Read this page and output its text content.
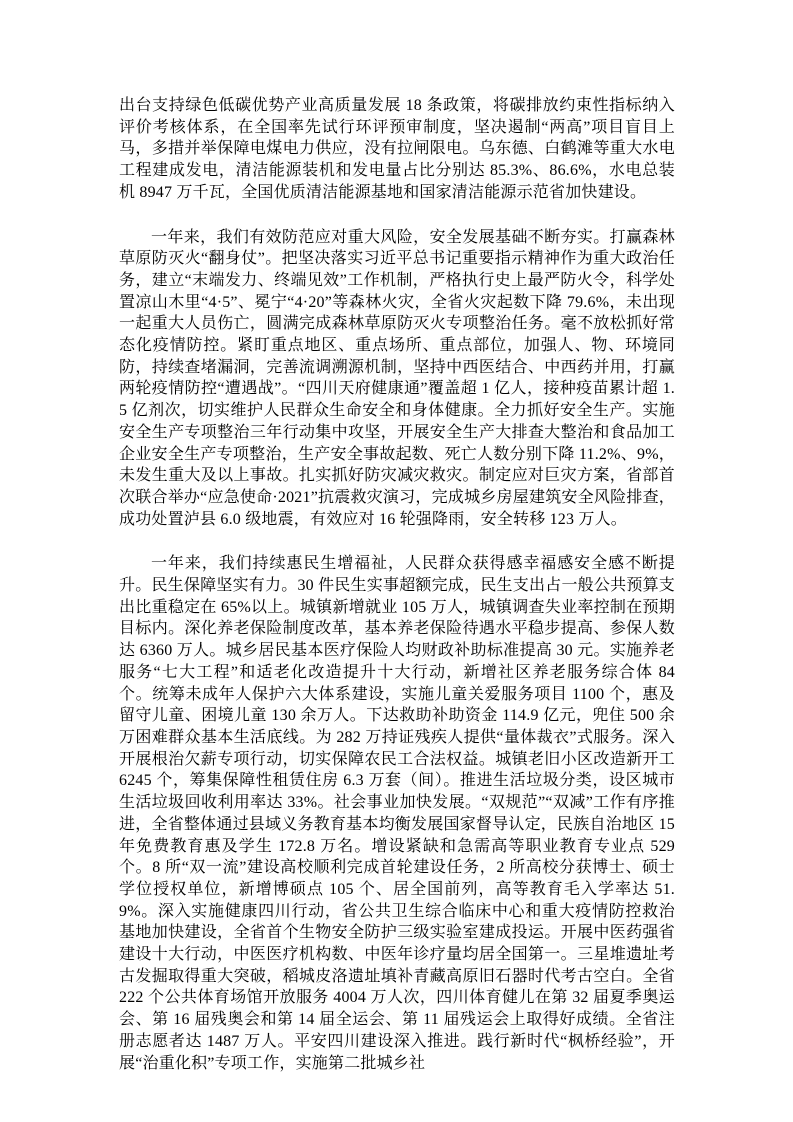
出台支持绿色低碳优势产业高质量发展 18 条政策，将碳排放约束性指标纳入评价考核体系，在全国率先试行环评预审制度，坚决遏制“两高”项目盲目上马，多措并举保障电煤电力供应，没有拉闸限电。乌东德、白鹤滩等重大水电工程建成发电，清洁能源装机和发电量占比分别达 85.3%、86.6%，水电总装机 8947 万千瓦，全国优质清洁能源基地和国家清洁能源示范省加快建设。

一年来，我们有效防范应对重大风险，安全发展基础不断夯实。打赢森林草原防灭火“翻身仗”。把坚决落实习近平总书记重要指示精神作为重大政治任务，建立“末端发力、终端见效”工作机制，严格执行史上最严防火令，科学处置凉山木里“4·5”、冕宁“4·20”等森林火灾，全省火灾起数下降 79.6%，未出现一起重大人员伤亡，圆满完成森林草原防灭火专项整治任务。毫不放松抓好常态化疫情防控。紧盯重点地区、重点场所、重点部位，加强人、物、环境同防，持续查堵漏洞，完善流调溯源机制，坚持中西医结合、中西药并用，打赢两轮疫情防控“遭遇战”。“四川天府健康通”覆盖超 1 亿人，接种疫苗累计超 1.5 亿剂次，切实维护人民群众生命安全和身体健康。全力抓好安全生产。实施安全生产专项整治三年行动集中攻坚，开展安全生产大排查大整治和食品加工企业安全生产专项整治，生产安全事故起数、死亡人数分别下降 11.2%、9%，未发生重大及以上事故。扎实抓好防灾减灾救灾。制定应对巨灾方案，省部首次联合举办“应急使命·2021”抗震救灾演习，完成城乡房屋建筑安全风险排查，成功处置泸县 6.0 级地震，有效应对 16 轮强降雨，安全转移 123 万人。

一年来，我们持续惠民生增福祉，人民群众获得感幸福感安全感不断提升。民生保障坚实有力。30 件民生实事超额完成，民生支出占一般公共预算支出比重稳定在 65%以上。城镇新增就业 105 万人，城镇调查失业率控制在预期目标内。深化养老保险制度改革，基本养老保险待遇水平稳步提高、参保人数达 6360 万人。城乡居民基本医疗保险人均财政补助标准提高 30 元。实施养老服务“七大工程”和适老化改造提升十大行动，新增社区养老服务综合体 84 个。统筹未成年人保护六大体系建设，实施儿童关爱服务项目 1100 个，惠及留守儿童、困境儿童 130 余万人。下达救助补助资金 114.9 亿元，兜住 500 余万困难群众基本生活底线。为 282 万持证残疾人提供“量体裁衣”式服务。深入开展根治欠薪专项行动，切实保障农民工合法权益。城镇老旧小区改造新开工 6245 个，筹集保障性租赁住房 6.3 万套（间）。推进生活垃圾分类，设区城市生活垃圾回收利用率达 33%。社会事业加快发展。“双规范”“双减”工作有序推进，全省整体通过县域义务教育基本均衡发展国家督导认定，民族自治地区 15 年免费教育惠及学生 172.8 万名。增设紧缺和急需高等职业教育专业点 529 个。8 所“双一流”建设高校顺利完成首轮建设任务，2 所高校分获博士、硕士学位授权单位，新增博硕点 105 个、居全国前列，高等教育毛入学率达 51.9%。深入实施健康四川行动，省公共卫生综合临床中心和重大疫情防控救治基地加快建设，全省首个生物安全防护三级实验室建成投运。开展中医药强省建设十大行动，中医医疗机构数、中医年诊疗量均居全国第一。三星堆遗址考古发掘取得重大突破，稻城皮洛遗址填补青藏高原旧石器时代考古空白。全省 222 个公共体育场馆开放服务 4004 万人次，四川体育健儿在第 32 届夏季奥运会、第 16 届残奥会和第 14 届全运会、第 11 届残运会上取得好成绩。全省注册志愿者达 1487 万人。平安四川建设深入推进。践行新时代“枫桥经验”，开展“治重化积”专项工作，实施第二批城乡社
